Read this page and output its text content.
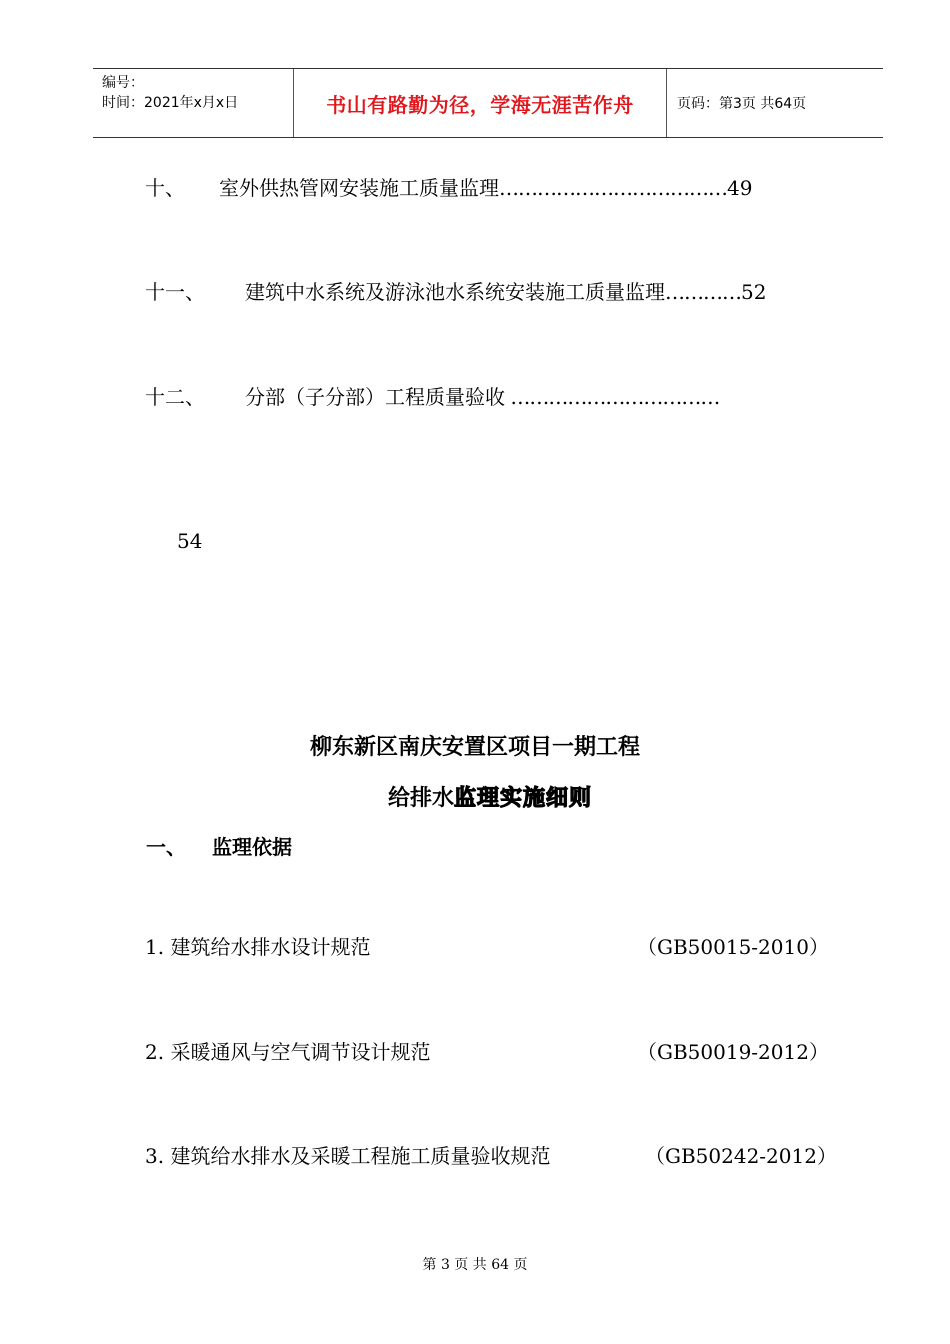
编号：
时间：2021年x月x日	书山有路勤为径，学海无涯苦作舟	页码：第3页 共64页
十、 室外供热管网安装施工质量监理………………………………49
十一、 建筑中水系统及游泳池水系统安装施工质量监理…………52
十二、 分部（子分部）工程质量验收 ……………………………
54
柳东新区南庆安置区项目一期工程
给排水监理实施细则
一、 监理依据
1. 建筑给水排水设计规范	（GB50015-2010）
2. 采暖通风与空气调节设计规范	（GB50019-2012）
3. 建筑给水排水及采暖工程施工质量验收规范	（GB50242-2012）
第 3 页 共 64 页
